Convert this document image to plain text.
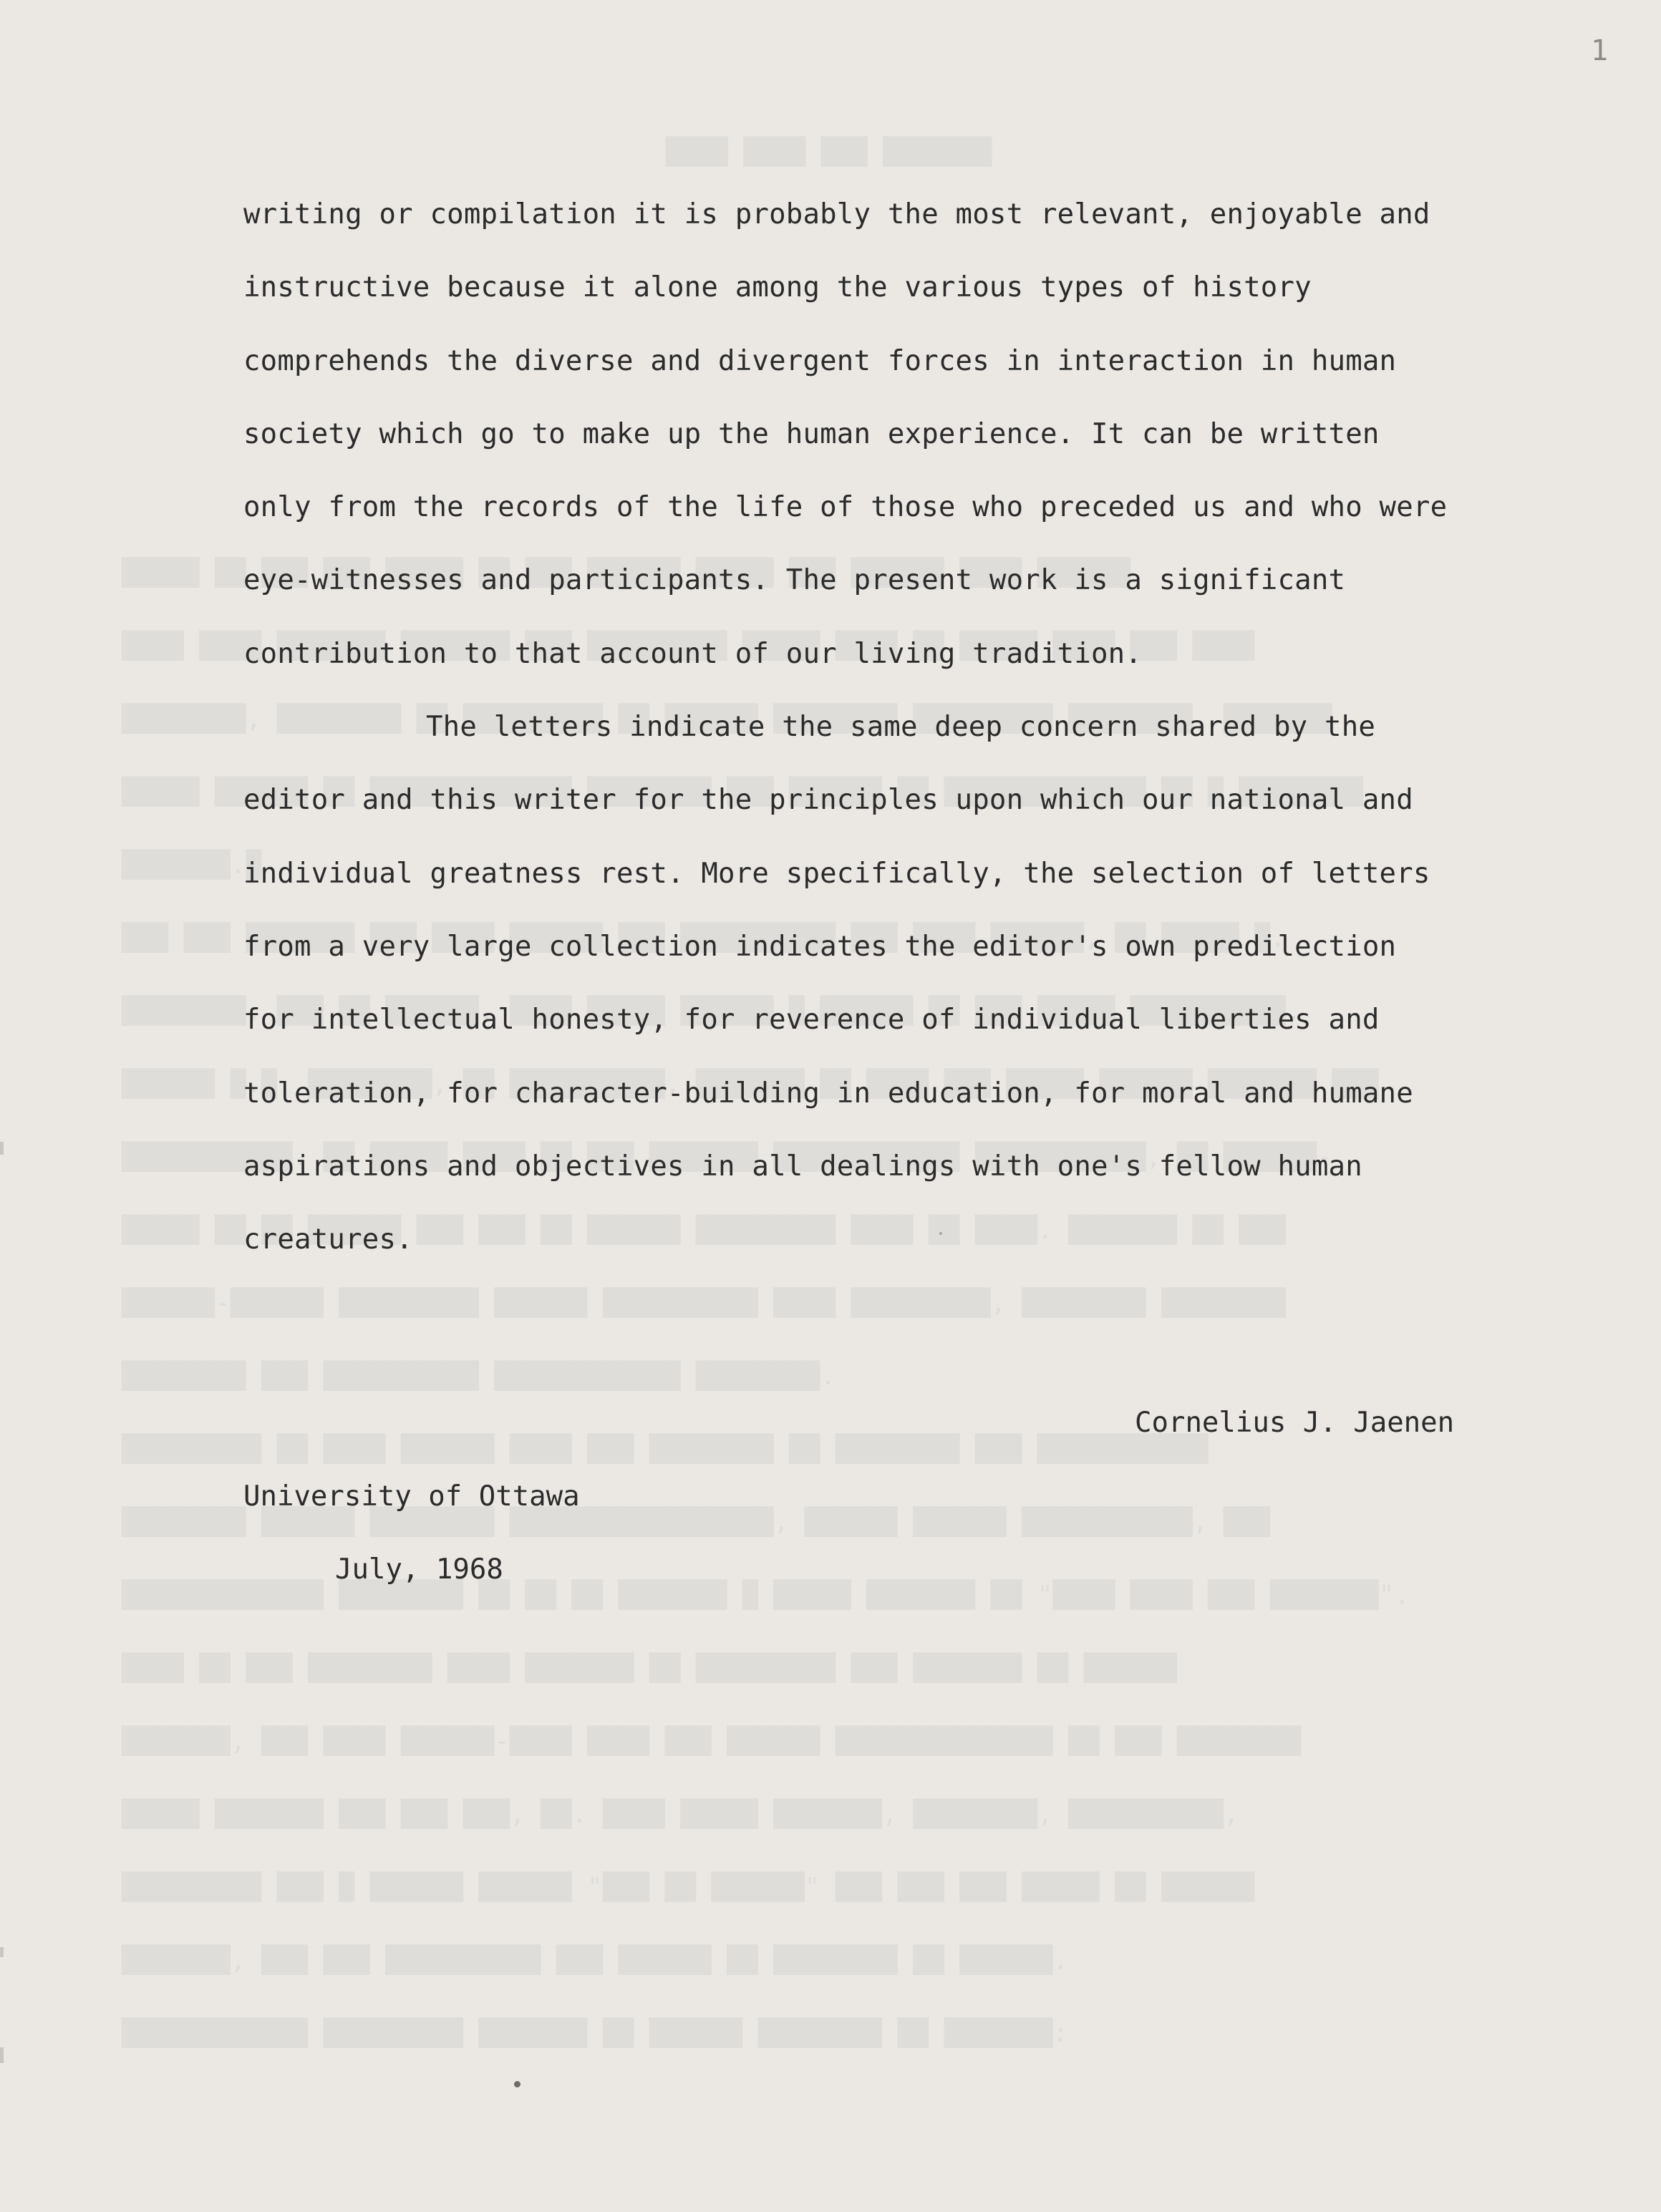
1
writing or compilation it is probably the most relevant, enjoyable and
instructive because it alone among the various types of history
comprehends the diverse and divergent forces in interaction in human
society which go to make up the human experience. It can be written
only from the records of the life of those who preceded us and who were
eye-witnesses and participants. The present work is a significant
contribution to that account of our living tradition.
The letters indicate the same deep concern shared by the
editor and this writer for the principles upon which our national and
individual greatness rest. More specifically, the selection of letters
from a very large collection indicates the editor's own predilection
for intellectual honesty, for reverence of individual liberties and
toleration, for character-building in education, for moral and humane
aspirations and objectives in all dealings with one's fellow human
creatures.
Cornelius J. Jaenen
University of Ottawa
July, 1968
